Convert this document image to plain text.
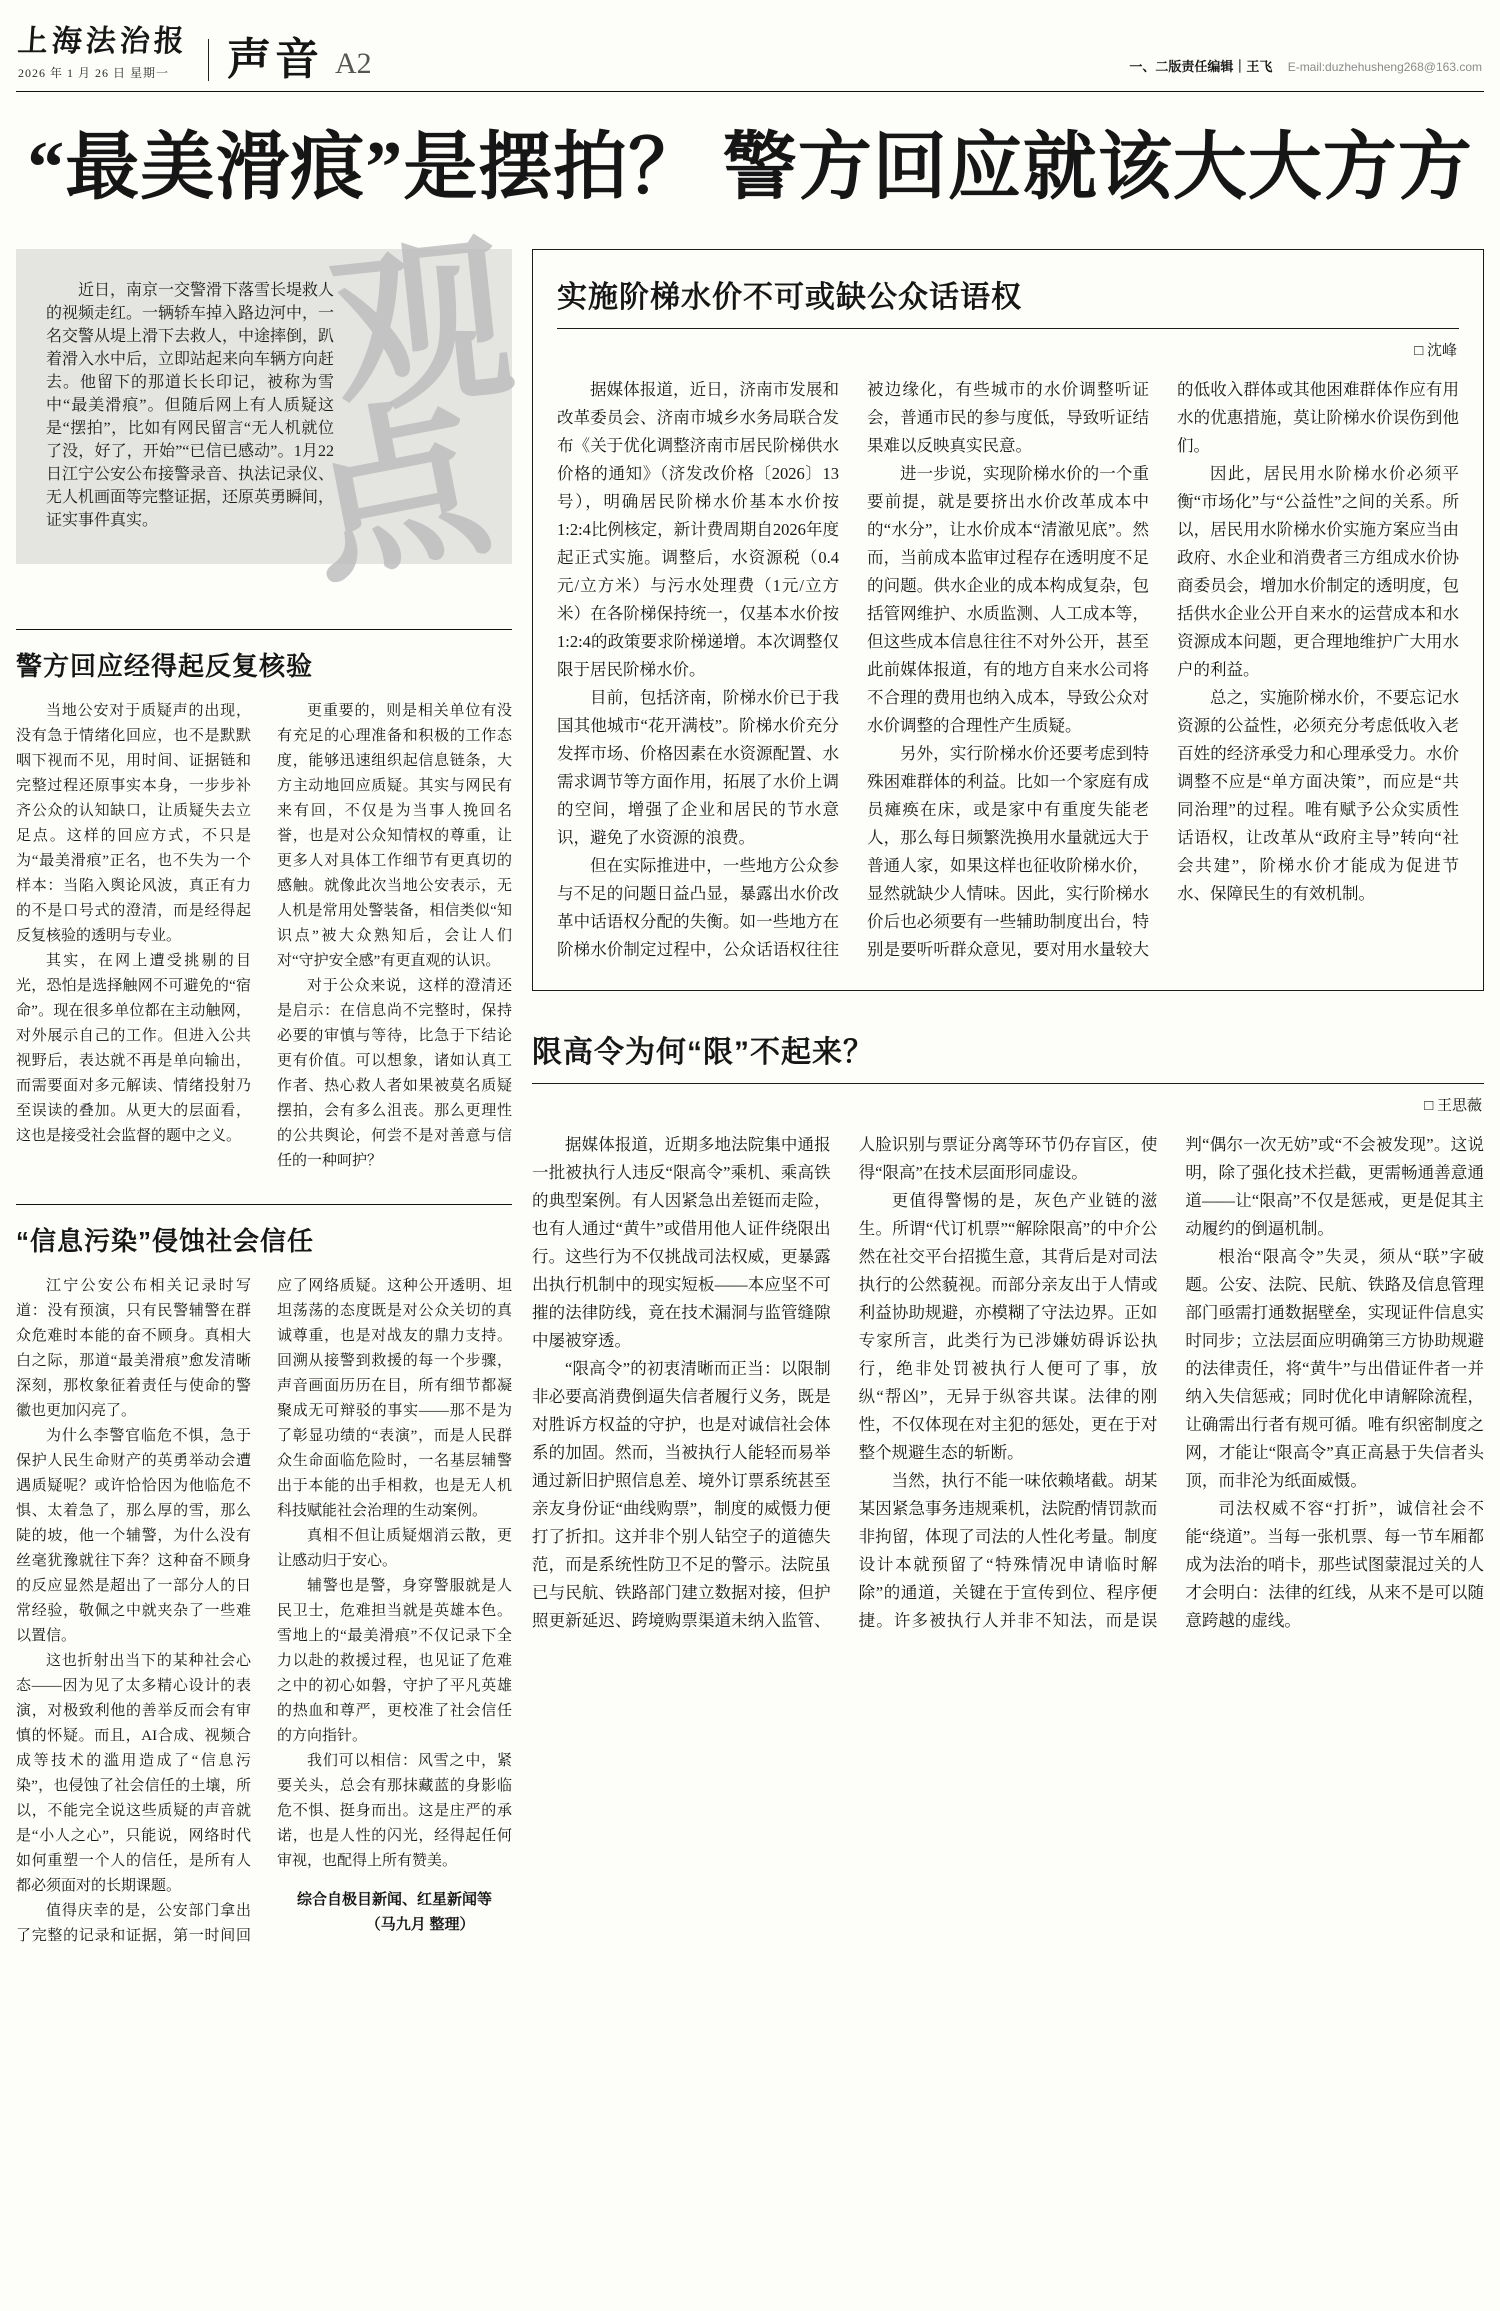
上海法治报
2026 年 1 月 26 日 星期一	声音 A2	一、二版责任编辑｜王飞 E-mail:duzhehusheng268@163.com
“最美滑痕”是摆拍？ 警方回应就该大大方方
近日，南京一交警滑下落雪长堤救人的视频走红。一辆轿车掉入路边河中，一名交警从堤上滑下去救人，中途摔倒，趴着滑入水中后，立即站起来向车辆方向赶去。他留下的那道长长印记，被称为雪中“最美滑痕”。但随后网上有人质疑这是“摆拍”，比如有网民留言“无人机就位了没，好了，开始”“已信已感动”。1月22日江宁公安公布接警录音、执法记录仪、无人机画面等完整证据，还原英勇瞬间，证实事件真实。
观
点
警方回应经得起反复核验

当地公安对于质疑声的出现，没有急于情绪化回应，也不是默默咽下视而不见，用时间、证据链和完整过程还原事实本身，一步步补齐公众的认知缺口，让质疑失去立足点。这样的回应方式，不只是为“最美滑痕”正名，也不失为一个样本：当陷入舆论风波，真正有力的不是口号式的澄清，而是经得起反复核验的透明与专业。

其实，在网上遭受挑剔的目光，恐怕是选择触网不可避免的“宿命”。现在很多单位都在主动触网，对外展示自己的工作。但进入公共视野后，表达就不再是单向输出，而需要面对多元解读、情绪投射乃至误读的叠加。从更大的层面看，这也是接受社会监督的题中之义。

更重要的，则是相关单位有没有充足的心理准备和积极的工作态度，能够迅速组织起信息链条，大方主动地回应质疑。其实与网民有来有回，不仅是为当事人挽回名誉，也是对公众知情权的尊重，让更多人对具体工作细节有更真切的感触。就像此次当地公安表示，无人机是常用处警装备，相信类似“知识点”被大众熟知后，会让人们对“守护安全感”有更直观的认识。

对于公众来说，这样的澄清还是启示：在信息尚不完整时，保持必要的审慎与等待，比急于下结论更有价值。可以想象，诸如认真工作者、热心救人者如果被莫名质疑摆拍，会有多么沮丧。那么更理性的公共舆论，何尝不是对善意与信任的一种呵护？

“信息污染”侵蚀社会信任

江宁公安公布相关记录时写道：没有预演，只有民警辅警在群众危难时本能的奋不顾身。真相大白之际，那道“最美滑痕”愈发清晰深刻，那枚象征着责任与使命的警徽也更加闪亮了。

为什么李警官临危不惧，急于保护人民生命财产的英勇举动会遭遇质疑呢？或许恰恰因为他临危不惧、太着急了，那么厚的雪，那么陡的坡，他一个辅警，为什么没有丝毫犹豫就往下奔？这种奋不顾身的反应显然是超出了一部分人的日常经验，敬佩之中就夹杂了一些难以置信。

这也折射出当下的某种社会心态——因为见了太多精心设计的表演，对极致利他的善举反而会有审慎的怀疑。而且，AI合成、视频合成等技术的滥用造成了“信息污染”，也侵蚀了社会信任的土壤，所以，不能完全说这些质疑的声音就是“小人之心”，只能说，网络时代如何重塑一个人的信任，是所有人都必须面对的长期课题。

值得庆幸的是，公安部门拿出了完整的记录和证据，第一时间回应了网络质疑。这种公开透明、坦坦荡荡的态度既是对公众关切的真诚尊重，也是对战友的鼎力支持。回溯从接警到救援的每一个步骤，声音画面历历在目，所有细节都凝聚成无可辩驳的事实——那不是为了彰显功绩的“表演”，而是人民群众生命面临危险时，一名基层辅警出于本能的出手相救，也是无人机科技赋能社会治理的生动案例。

真相不但让质疑烟消云散，更让感动归于安心。

辅警也是警，身穿警服就是人民卫士，危难担当就是英雄本色。雪地上的“最美滑痕”不仅记录下全力以赴的救援过程，也见证了危难之中的初心如磐，守护了平凡英雄的热血和尊严，更校准了社会信任的方向指针。

我们可以相信：风雪之中，紧要关头，总会有那抹藏蓝的身影临危不惧、挺身而出。这是庄严的承诺，也是人性的闪光，经得起任何审视，也配得上所有赞美。

综合自极目新闻、红星新闻等
（马九月 整理）
实施阶梯水价不可或缺公众话语权
□ 沈峰

据媒体报道，近日，济南市发展和改革委员会、济南市城乡水务局联合发布《关于优化调整济南市居民阶梯供水价格的通知》（济发改价格〔2026〕13号），明确居民阶梯水价基本水价按1:2:4比例核定，新计费周期自2026年度起正式实施。调整后，水资源税（0.4元/立方米）与污水处理费（1元/立方米）在各阶梯保持统一，仅基本水价按1:2:4的政策要求阶梯递增。本次调整仅限于居民阶梯水价。

目前，包括济南，阶梯水价已于我国其他城市“花开满枝”。阶梯水价充分发挥市场、价格因素在水资源配置、水需求调节等方面作用，拓展了水价上调的空间，增强了企业和居民的节水意识，避免了水资源的浪费。

但在实际推进中，一些地方公众参与不足的问题日益凸显，暴露出水价改革中话语权分配的失衡。如一些地方在阶梯水价制定过程中，公众话语权往往被边缘化，有些城市的水价调整听证会，普通市民的参与度低，导致听证结果难以反映真实民意。

进一步说，实现阶梯水价的一个重要前提，就是要挤出水价改革成本中的“水分”，让水价成本“清澈见底”。然而，当前成本监审过程存在透明度不足的问题。供水企业的成本构成复杂，包括管网维护、水质监测、人工成本等，但这些成本信息往往不对外公开，甚至此前媒体报道，有的地方自来水公司将不合理的费用也纳入成本，导致公众对水价调整的合理性产生质疑。

另外，实行阶梯水价还要考虑到特殊困难群体的利益。比如一个家庭有成员瘫痪在床，或是家中有重度失能老人，那么每日频繁洗换用水量就远大于普通人家，如果这样也征收阶梯水价，显然就缺少人情味。因此，实行阶梯水价后也必须要有一些辅助制度出台，特别是要听听群众意见，要对用水量较大的低收入群体或其他困难群体作应有用水的优惠措施，莫让阶梯水价误伤到他们。

因此，居民用水阶梯水价必须平衡“市场化”与“公益性”之间的关系。所以，居民用水阶梯水价实施方案应当由政府、水企业和消费者三方组成水价协商委员会，增加水价制定的透明度，包括供水企业公开自来水的运营成本和水资源成本问题，更合理地维护广大用水户的利益。

总之，实施阶梯水价，不要忘记水资源的公益性，必须充分考虑低收入老百姓的经济承受力和心理承受力。水价调整不应是“单方面决策”，而应是“共同治理”的过程。唯有赋予公众实质性话语权，让改革从“政府主导”转向“社会共建”，阶梯水价才能成为促进节水、保障民生的有效机制。

限高令为何“限”不起来？
□ 王思薇

据媒体报道，近期多地法院集中通报一批被执行人违反“限高令”乘机、乘高铁的典型案例。有人因紧急出差铤而走险，也有人通过“黄牛”或借用他人证件绕限出行。这些行为不仅挑战司法权威，更暴露出执行机制中的现实短板——本应坚不可摧的法律防线，竟在技术漏洞与监管缝隙中屡被穿透。

“限高令”的初衷清晰而正当：以限制非必要高消费倒逼失信者履行义务，既是对胜诉方权益的守护，也是对诚信社会体系的加固。然而，当被执行人能轻而易举通过新旧护照信息差、境外订票系统甚至亲友身份证“曲线购票”，制度的威慑力便打了折扣。这并非个别人钻空子的道德失范，而是系统性防卫不足的警示。法院虽已与民航、铁路部门建立数据对接，但护照更新延迟、跨境购票渠道未纳入监管、人脸识别与票证分离等环节仍存盲区，使得“限高”在技术层面形同虚设。

更值得警惕的是，灰色产业链的滋生。所谓“代订机票”“解除限高”的中介公然在社交平台招揽生意，其背后是对司法执行的公然藐视。而部分亲友出于人情或利益协助规避，亦模糊了守法边界。正如专家所言，此类行为已涉嫌妨碍诉讼执行，绝非处罚被执行人便可了事，放纵“帮凶”，无异于纵容共谋。法律的刚性，不仅体现在对主犯的惩处，更在于对整个规避生态的斩断。

当然，执行不能一味依赖堵截。胡某某因紧急事务违规乘机，法院酌情罚款而非拘留，体现了司法的人性化考量。制度设计本就预留了“特殊情况申请临时解除”的通道，关键在于宣传到位、程序便捷。许多被执行人并非不知法，而是误判“偶尔一次无妨”或“不会被发现”。这说明，除了强化技术拦截，更需畅通善意通道——让“限高”不仅是惩戒，更是促其主动履约的倒逼机制。

根治“限高令”失灵，须从“联”字破题。公安、法院、民航、铁路及信息管理部门亟需打通数据壁垒，实现证件信息实时同步；立法层面应明确第三方协助规避的法律责任，将“黄牛”与出借证件者一并纳入失信惩戒；同时优化申请解除流程，让确需出行者有规可循。唯有织密制度之网，才能让“限高令”真正高悬于失信者头顶，而非沦为纸面威慑。

司法权威不容“打折”，诚信社会不能“绕道”。当每一张机票、每一节车厢都成为法治的哨卡，那些试图蒙混过关的人才会明白：法律的红线，从来不是可以随意跨越的虚线。
